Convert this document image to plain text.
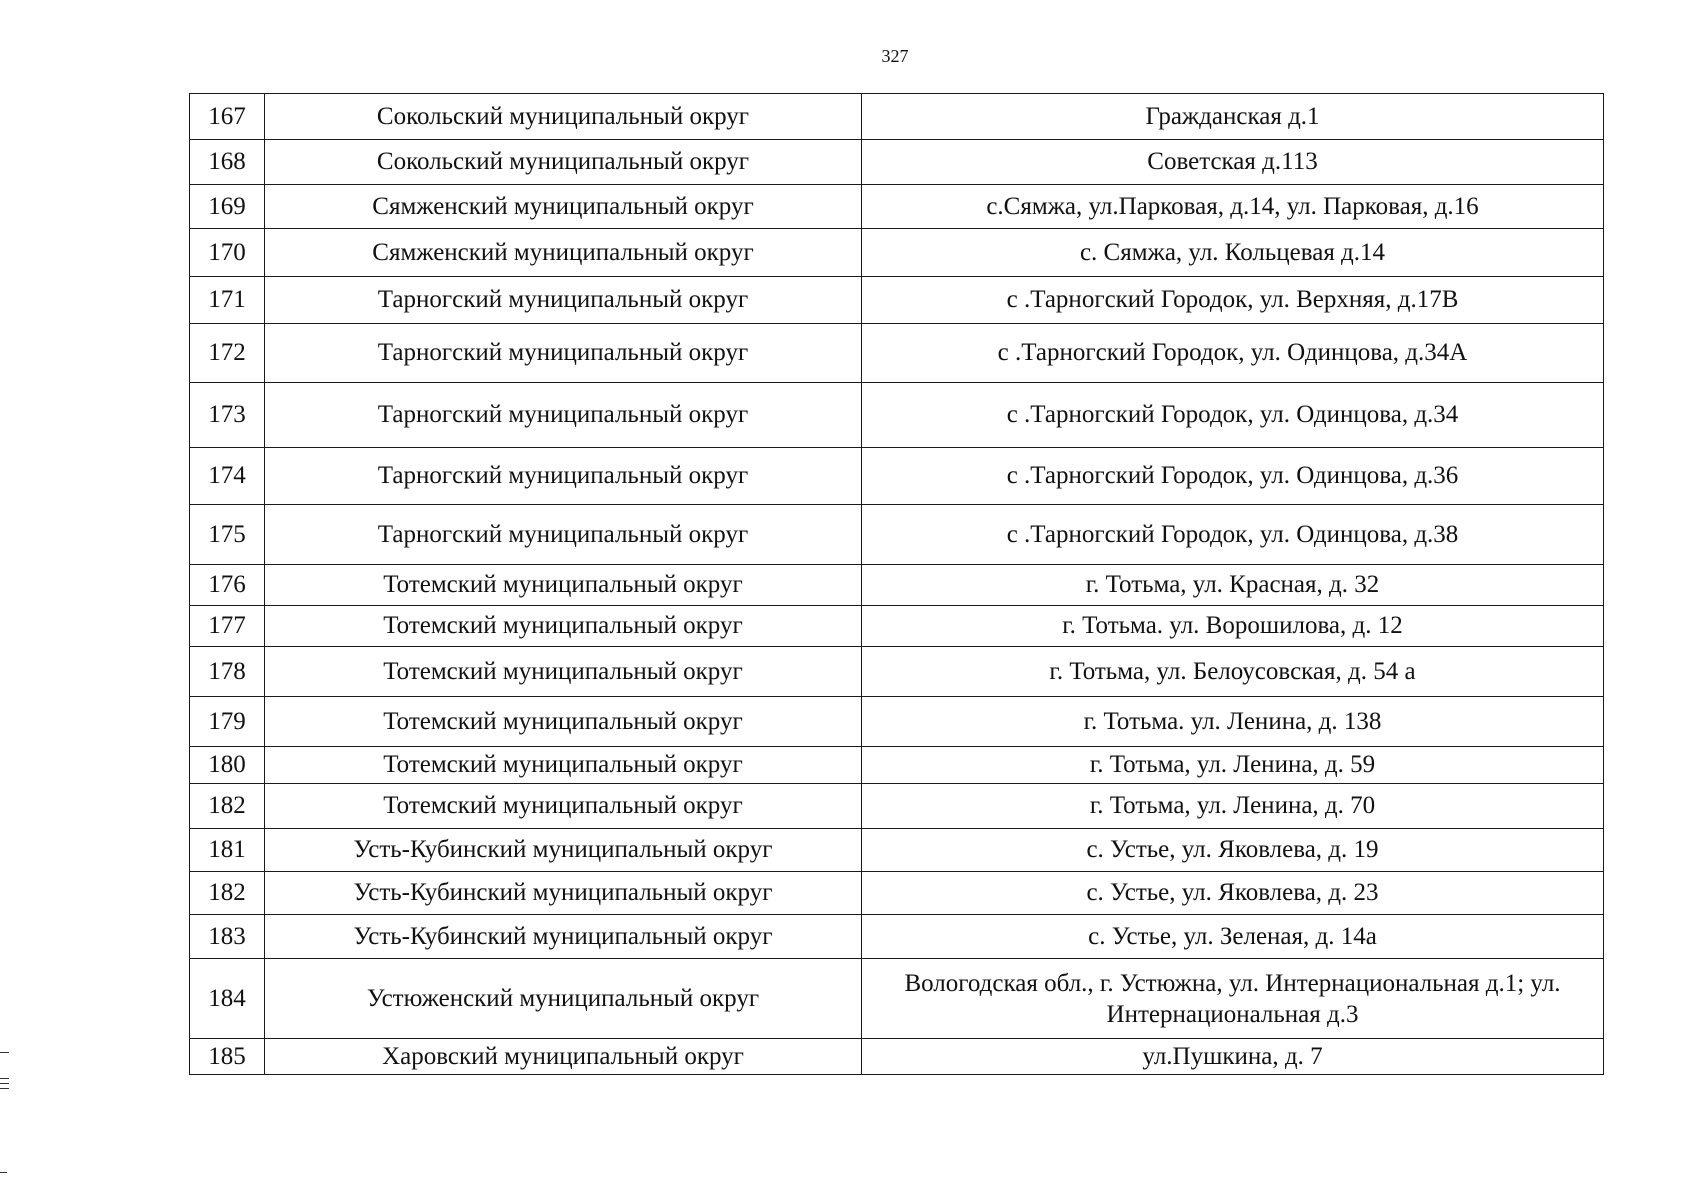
327
167	Сокольский муниципальный округ	Гражданская д.1
168	Сокольский муниципальный округ	Советская д.113
169	Сямженский муниципальный округ	с.Сямжа, ул.Парковая, д.14, ул. Парковая, д.16
170	Сямженский муниципальный округ	с. Сямжа, ул. Кольцевая д.14
171	Тарногский муниципальный округ	с .Тарногский Городок, ул. Верхняя, д.17В
172	Тарногский муниципальный округ	с .Тарногский Городок, ул. Одинцова, д.34А
173	Тарногский муниципальный округ	с .Тарногский Городок, ул. Одинцова, д.34
174	Тарногский муниципальный округ	с .Тарногский Городок, ул. Одинцова, д.36
175	Тарногский муниципальный округ	с .Тарногский Городок, ул. Одинцова, д.38
176	Тотемский муниципальный округ	г. Тотьма, ул. Красная, д. 32
177	Тотемский муниципальный округ	г. Тотьма. ул. Ворошилова, д. 12
178	Тотемский муниципальный округ	г. Тотьма, ул. Белоусовская, д. 54 а
179	Тотемский муниципальный округ	г. Тотьма. ул. Ленина, д. 138
180	Тотемский муниципальный округ	г. Тотьма, ул. Ленина, д. 59
182	Тотемский муниципальный округ	г. Тотьма, ул. Ленина, д. 70
181	Усть-Кубинский муниципальный округ	с. Устье, ул. Яковлева, д. 19
182	Усть-Кубинский муниципальный округ	с. Устье, ул. Яковлева, д. 23
183	Усть-Кубинский муниципальный округ	с. Устье, ул. Зеленая, д. 14а
184	Устюженский муниципальный округ	Вологодская обл., г. Устюжна, ул. Интернациональная д.1; ул. Интернациональная д.3
185	Харовский муниципальный округ	ул.Пушкина, д. 7
